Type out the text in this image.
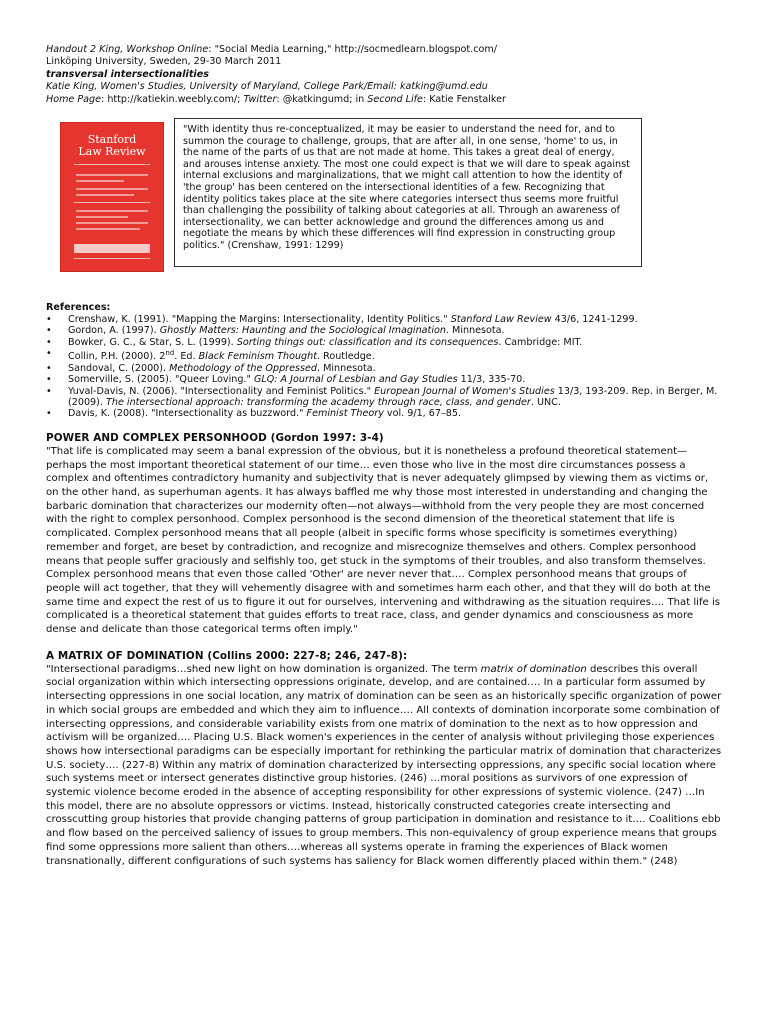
Handout 2 King, Workshop Online: "Social Media Learning," http://socmedlearn.blogspot.com/
Linköping University, Sweden, 29-30 March 2011
transversal intersectionalities
Katie King, Women's Studies, University of Maryland, College Park/Email: katking@umd.edu
Home Page: http://katiekin.weebly.com/; Twitter: @katkingumd; in Second Life: Katie Fenstalker
Stanford
Law Review
"With identity thus re-conceptualized, it may be easier to understand the need for, and to summon the courage to challenge, groups, that are after all, in one sense, 'home' to us, in the name of the parts of us that are not made at home. This takes a great deal of energy, and arouses intense anxiety. The most one could expect is that we will dare to speak against internal exclusions and marginalizations, that we might call attention to how the identity of 'the group' has been centered on the intersectional identities of a few. Recognizing that identity politics takes place at the site where categories intersect thus seems more fruitful than challenging the possibility of talking about categories at all. Through an awareness of intersectionality, we can better acknowledge and ground the differences among us and negotiate the means by which these differences will find expression in constructing group politics." (Crenshaw, 1991: 1299)
References:
• Crenshaw, K. (1991). "Mapping the Margins: Intersectionality, Identity Politics." Stanford Law Review 43/6, 1241-1299.
• Gordon, A. (1997). Ghostly Matters: Haunting and the Sociological Imagination. Minnesota.
• Bowker, G. C., & Star, S. L. (1999). Sorting things out: classification and its consequences. Cambridge: MIT.
• Collin, P.H. (2000). 2nd. Ed. Black Feminism Thought. Routledge.
• Sandoval, C. (2000). Methodology of the Oppressed. Minnesota.
• Somerville, S. (2005). "Queer Loving." GLQ: A Journal of Lesbian and Gay Studies 11/3, 335-70.
• Yuval-Davis, N. (2006). "Intersectionality and Feminist Politics." European Journal of Women's Studies 13/3, 193-209. Rep. in Berger, M. (2009). The intersectional approach: transforming the academy through race, class, and gender. UNC.
• Davis, K. (2008). "Intersectionality as buzzword." Feminist Theory vol. 9/1, 67–85.
POWER AND COMPLEX PERSONHOOD (Gordon 1997: 3-4)

"That life is complicated may seem a banal expression of the obvious, but it is nonetheless a profound theoretical statement—perhaps the most important theoretical statement of our time… even those who live in the most dire circumstances possess a complex and oftentimes contradictory humanity and subjectivity that is never adequately glimpsed by viewing them as victims or, on the other hand, as superhuman agents. It has always baffled me why those most interested in understanding and changing the barbaric domination that characterizes our modernity often—not always—withhold from the very people they are most concerned with the right to complex personhood. Complex personhood is the second dimension of the theoretical statement that life is complicated. Complex personhood means that all people (albeit in specific forms whose specificity is sometimes everything) remember and forget, are beset by contradiction, and recognize and misrecognize themselves and others. Complex personhood means that people suffer graciously and selfishly too, get stuck in the symptoms of their troubles, and also transform themselves. Complex personhood means that even those called 'Other' are never never that…. Complex personhood means that groups of people will act together, that they will vehemently disagree with and sometimes harm each other, and that they will do both at the same time and expect the rest of us to figure it out for ourselves, intervening and withdrawing as the situation requires…. That life is complicated is a theoretical statement that guides efforts to treat race, class, and gender dynamics and consciousness as more dense and delicate than those categorical terms often imply."

A MATRIX OF DOMINATION (Collins 2000: 227-8; 246, 247-8):

"Intersectional paradigms…shed new light on how domination is organized. The term matrix of domination describes this overall social organization within which intersecting oppressions originate, develop, and are contained…. In a particular form assumed by intersecting oppressions in one social location, any matrix of domination can be seen as an historically specific organization of power in which social groups are embedded and which they aim to influence…. All contexts of domination incorporate some combination of intersecting oppressions, and considerable variability exists from one matrix of domination to the next as to how oppression and activism will be organized…. Placing U.S. Black women's experiences in the center of analysis without privileging those experiences shows how intersectional paradigms can be especially important for rethinking the particular matrix of domination that characterizes U.S. society…. (227-8) Within any matrix of domination characterized by intersecting oppressions, any specific social location where such systems meet or intersect generates distinctive group histories. (246) …moral positions as survivors of one expression of systemic violence become eroded in the absence of accepting responsibility for other expressions of systemic violence. (247) …In this model, there are no absolute oppressors or victims. Instead, historically constructed categories create intersecting and crosscutting group histories that provide changing patterns of group participation in domination and resistance to it…. Coalitions ebb and flow based on the perceived saliency of issues to group members. This non-equivalency of group experience means that groups find some oppressions more salient than others….whereas all systems operate in framing the experiences of Black women transnationally, different configurations of such systems has saliency for Black women differently placed within them." (248)
